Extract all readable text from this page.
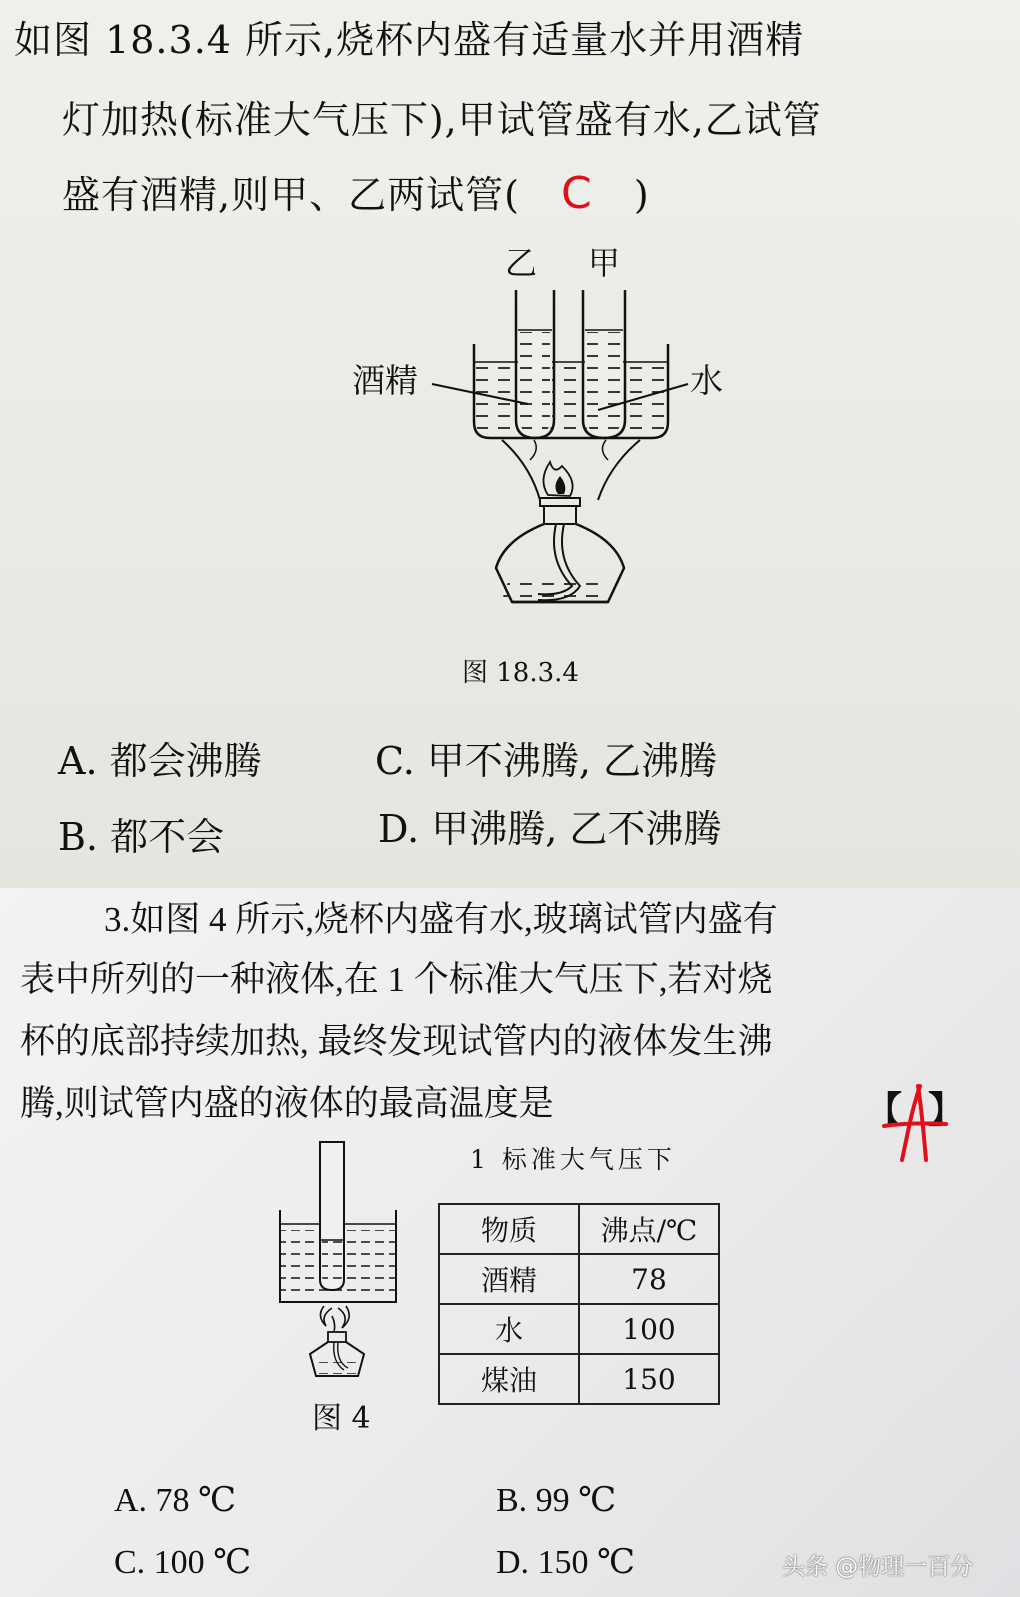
如图 18.3.4 所示,烧杯内盛有适量水并用酒精
灯加热(标准大气压下),甲试管盛有水,乙试管
盛有酒精,则甲、乙两试管( C )
乙 甲
酒精	水
图 18.3.4
A. 都会沸腾	C. 甲不沸腾, 乙沸腾
B. 都不会	D. 甲沸腾, 乙不沸腾
3.如图 4 所示,烧杯内盛有水,玻璃试管内盛有
表中所列的一种液体,在 1 个标准大气压下,若对烧
杯的底部持续加热, 最终发现试管内的液体发生沸
腾,则试管内盛的液体的最高温度是	【 】
图 4
1 标准大气压下
物质	沸点/℃
酒精	78
水	100
煤油	150
A. 78 ℃	B. 99 ℃
C. 100 ℃	D. 150 ℃	头条 @物理一百分
